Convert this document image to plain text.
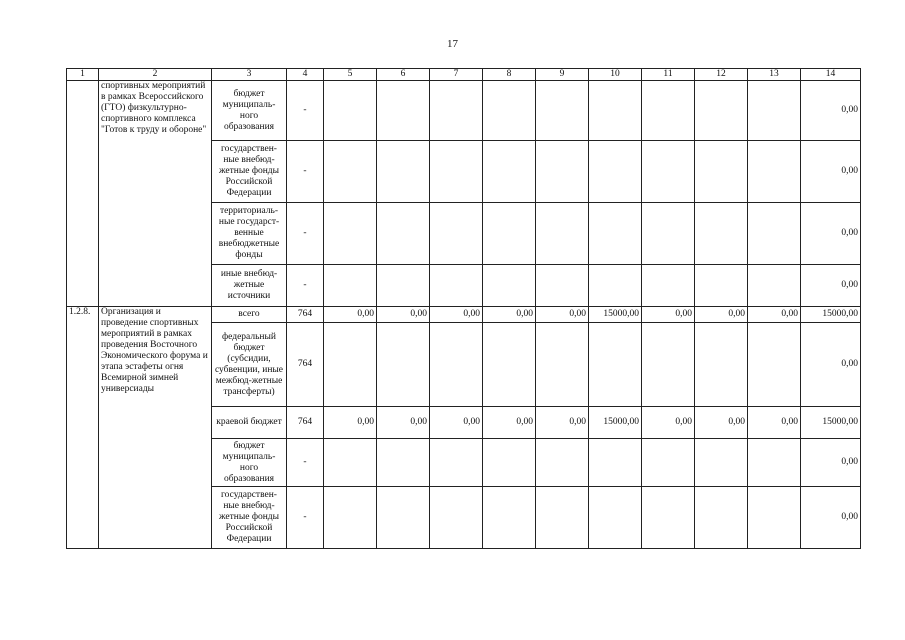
17
1	2	3	4	5	6	7	8	9	10	11	12	13	14
	спортивных мероприятий в рамках Всероссийского (ГТО) физкультурно-спортивного комплекса "Готов к труду и обороне"	бюджет муниципаль-ного образования	-										0,00
		государствен-ные внебюд-жетные фонды Российской Федерации	-										0,00
		территориаль-ные государст-венные внебюджетные фонды	-										0,00
		иные внебюд-жетные источники	-										0,00
1.2.8.	Организация и проведение спортивных мероприятий в рамках проведения Восточного Экономического форума и этапа эстафеты огня Всемирной зимней универсиады	всего	764	0,00	0,00	0,00	0,00	0,00	15000,00	0,00	0,00	0,00	15000,00
		федеральный бюджет (субсидии, субвенции, иные межбюд-жетные трансферты)	764										0,00
		краевой бюджет	764	0,00	0,00	0,00	0,00	0,00	15000,00	0,00	0,00	0,00	15000,00
		бюджет муниципаль-ного образования	-										0,00
		государствен-ные внебюд-жетные фонды Российской Федерации	-										0,00
